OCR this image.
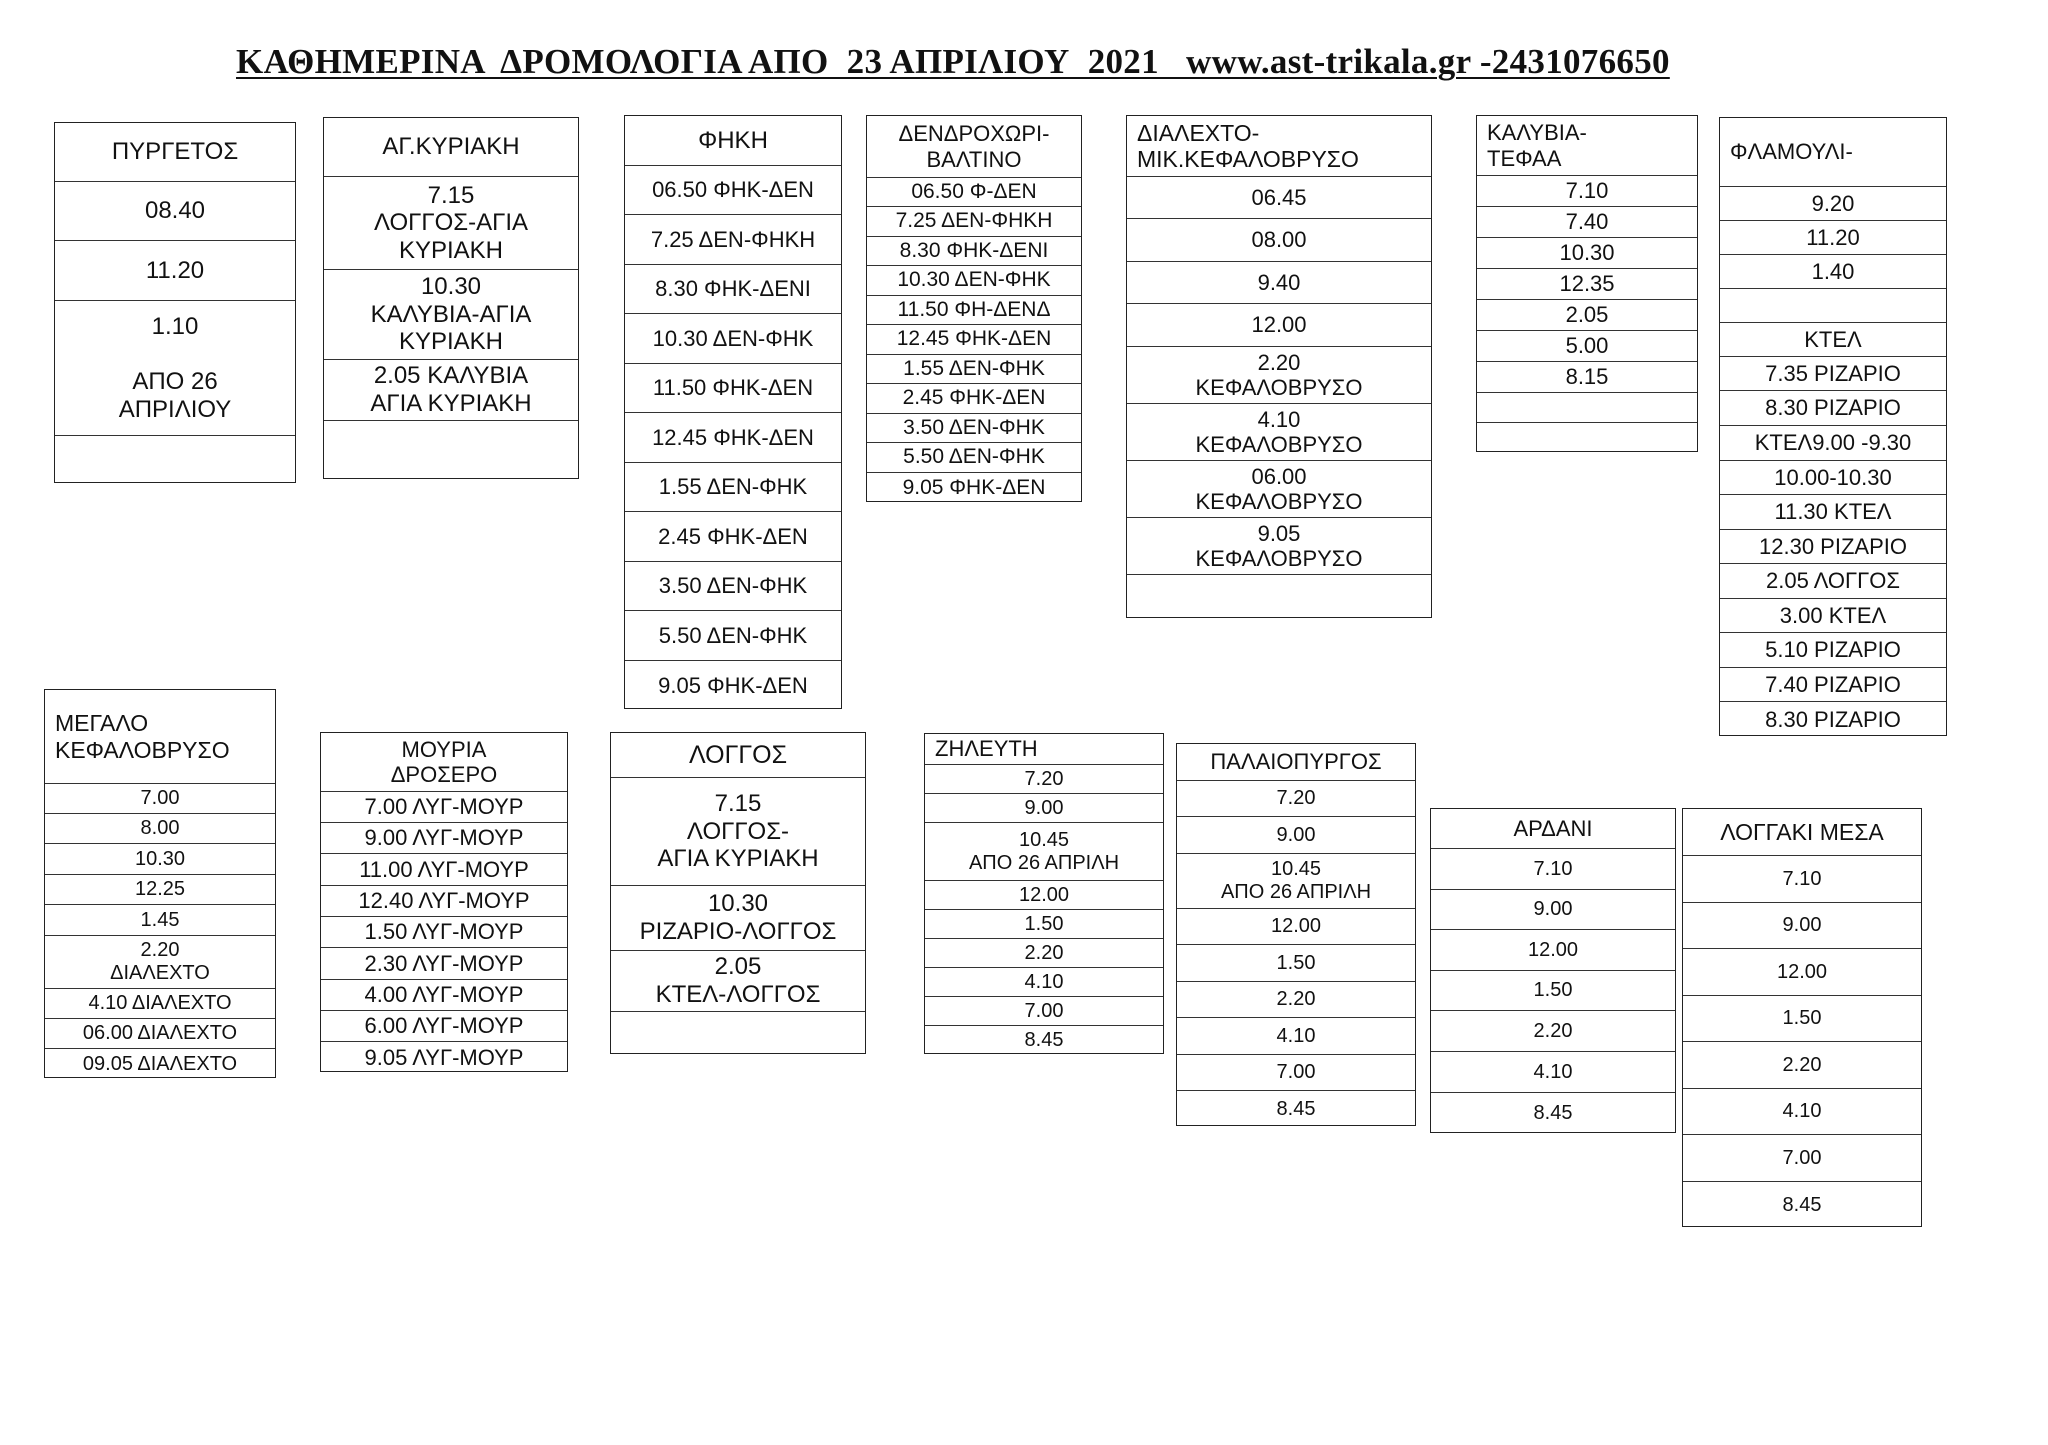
ΚΑΘΗΜΕΡΙΝΑ  ΔΡΟΜΟΛΟΓΙΑ ΑΠΟ  23 ΑΠΡΙΛΙΟΥ  2021   www.ast-trikala.gr -2431076650
ΠΥΡΓΕΤΟΣ
08.40
11.20
1.10

ΑΠΟ 26
ΑΠΡΙΛΙΟΥ
ΑΓ.ΚΥΡΙΑΚΗ
7.15
ΛΟΓΓΟΣ-ΑΓΙΑ
ΚΥΡΙΑΚΗ
10.30
ΚΑΛΥΒΙΑ-ΑΓΙΑ
ΚΥΡΙΑΚΗ
2.05 ΚΑΛΥΒΙΑ
ΑΓΙΑ ΚΥΡΙΑΚΗ
ΦΗΚΗ
06.50 ΦΗΚ-ΔΕΝ
7.25 ΔΕΝ-ΦΗΚΗ
8.30 ΦΗΚ-ΔΕΝΙ
10.30 ΔΕΝ-ΦΗΚ
11.50 ΦΗΚ-ΔΕΝ
12.45 ΦΗΚ-ΔΕΝ
1.55 ΔΕΝ-ΦΗΚ
2.45 ΦΗΚ-ΔΕΝ
3.50 ΔΕΝ-ΦΗΚ
5.50 ΔΕΝ-ΦΗΚ
9.05 ΦΗΚ-ΔΕΝ
ΔΕΝΔΡΟΧΩΡΙ-
ΒΑΛΤΙΝΟ
06.50 Φ-ΔΕΝ
7.25 ΔΕΝ-ΦΗΚΗ
8.30 ΦΗΚ-ΔΕΝΙ
10.30 ΔΕΝ-ΦΗΚ
11.50 ΦΗ-ΔΕΝΔ
12.45 ΦΗΚ-ΔΕΝ
1.55 ΔΕΝ-ΦΗΚ
2.45 ΦΗΚ-ΔΕΝ
3.50 ΔΕΝ-ΦΗΚ
5.50 ΔΕΝ-ΦΗΚ
9.05 ΦΗΚ-ΔΕΝ
ΔΙΑΛΕΧΤΟ-
ΜΙΚ.ΚΕΦΑΛΟΒΡΥΣΟ
06.45
08.00
9.40
12.00
2.20
ΚΕΦΑΛΟΒΡΥΣΟ
4.10
ΚΕΦΑΛΟΒΡΥΣΟ
06.00
ΚΕΦΑΛΟΒΡΥΣΟ
9.05
ΚΕΦΑΛΟΒΡΥΣΟ
ΚΑΛΥΒΙΑ-
ΤΕΦΑΑ
7.10
7.40
10.30
12.35
2.05
5.00
8.15
ΦΛΑΜΟΥΛΙ-
9.20
11.20
1.40
ΚΤΕΛ
7.35 ΡΙΖΑΡΙΟ
8.30 ΡΙΖΑΡΙΟ
ΚΤΕΛ9.00 -9.30
10.00-10.30
11.30 ΚΤΕΛ
12.30 ΡΙΖΑΡΙΟ
2.05 ΛΟΓΓΟΣ
3.00 ΚΤΕΛ
5.10 ΡΙΖΑΡΙΟ
7.40 ΡΙΖΑΡΙΟ
8.30 ΡΙΖΑΡΙΟ
ΜΕΓΑΛΟ
ΚΕΦΑΛΟΒΡΥΣΟ
7.00
8.00
10.30
12.25
1.45
2.20
ΔΙΑΛΕΧΤΟ
4.10 ΔΙΑΛΕΧΤΟ
06.00 ΔΙΑΛΕΧΤΟ
09.05 ΔΙΑΛΕΧΤΟ
ΜΟΥΡΙΑ
ΔΡΟΣΕΡΟ
7.00 ΛΥΓ-ΜΟΥΡ
9.00 ΛΥΓ-ΜΟΥΡ
11.00 ΛΥΓ-ΜΟΥΡ
12.40 ΛΥΓ-ΜΟΥΡ
1.50 ΛΥΓ-ΜΟΥΡ
2.30 ΛΥΓ-ΜΟΥΡ
4.00 ΛΥΓ-ΜΟΥΡ
6.00 ΛΥΓ-ΜΟΥΡ
9.05 ΛΥΓ-ΜΟΥΡ
ΛΟΓΓΟΣ
7.15
ΛΟΓΓΟΣ-
ΑΓΙΑ ΚΥΡΙΑΚΗ
10.30
ΡΙΖΑΡΙΟ-ΛΟΓΓΟΣ
2.05
ΚΤΕΛ-ΛΟΓΓΟΣ
ΖΗΛΕΥΤΗ
7.20
9.00
10.45
ΑΠΟ 26 ΑΠΡΙΛΗ
12.00
1.50
2.20
4.10
7.00
8.45
ΠΑΛΑΙΟΠΥΡΓΟΣ
7.20
9.00
10.45
ΑΠΟ 26 ΑΠΡΙΛΗ
12.00
1.50
2.20
4.10
7.00
8.45
ΑΡΔΑΝΙ
7.10
9.00
12.00
1.50
2.20
4.10
8.45
ΛΟΓΓΑΚΙ ΜΕΣΑ
7.10
9.00
12.00
1.50
2.20
4.10
7.00
8.45
